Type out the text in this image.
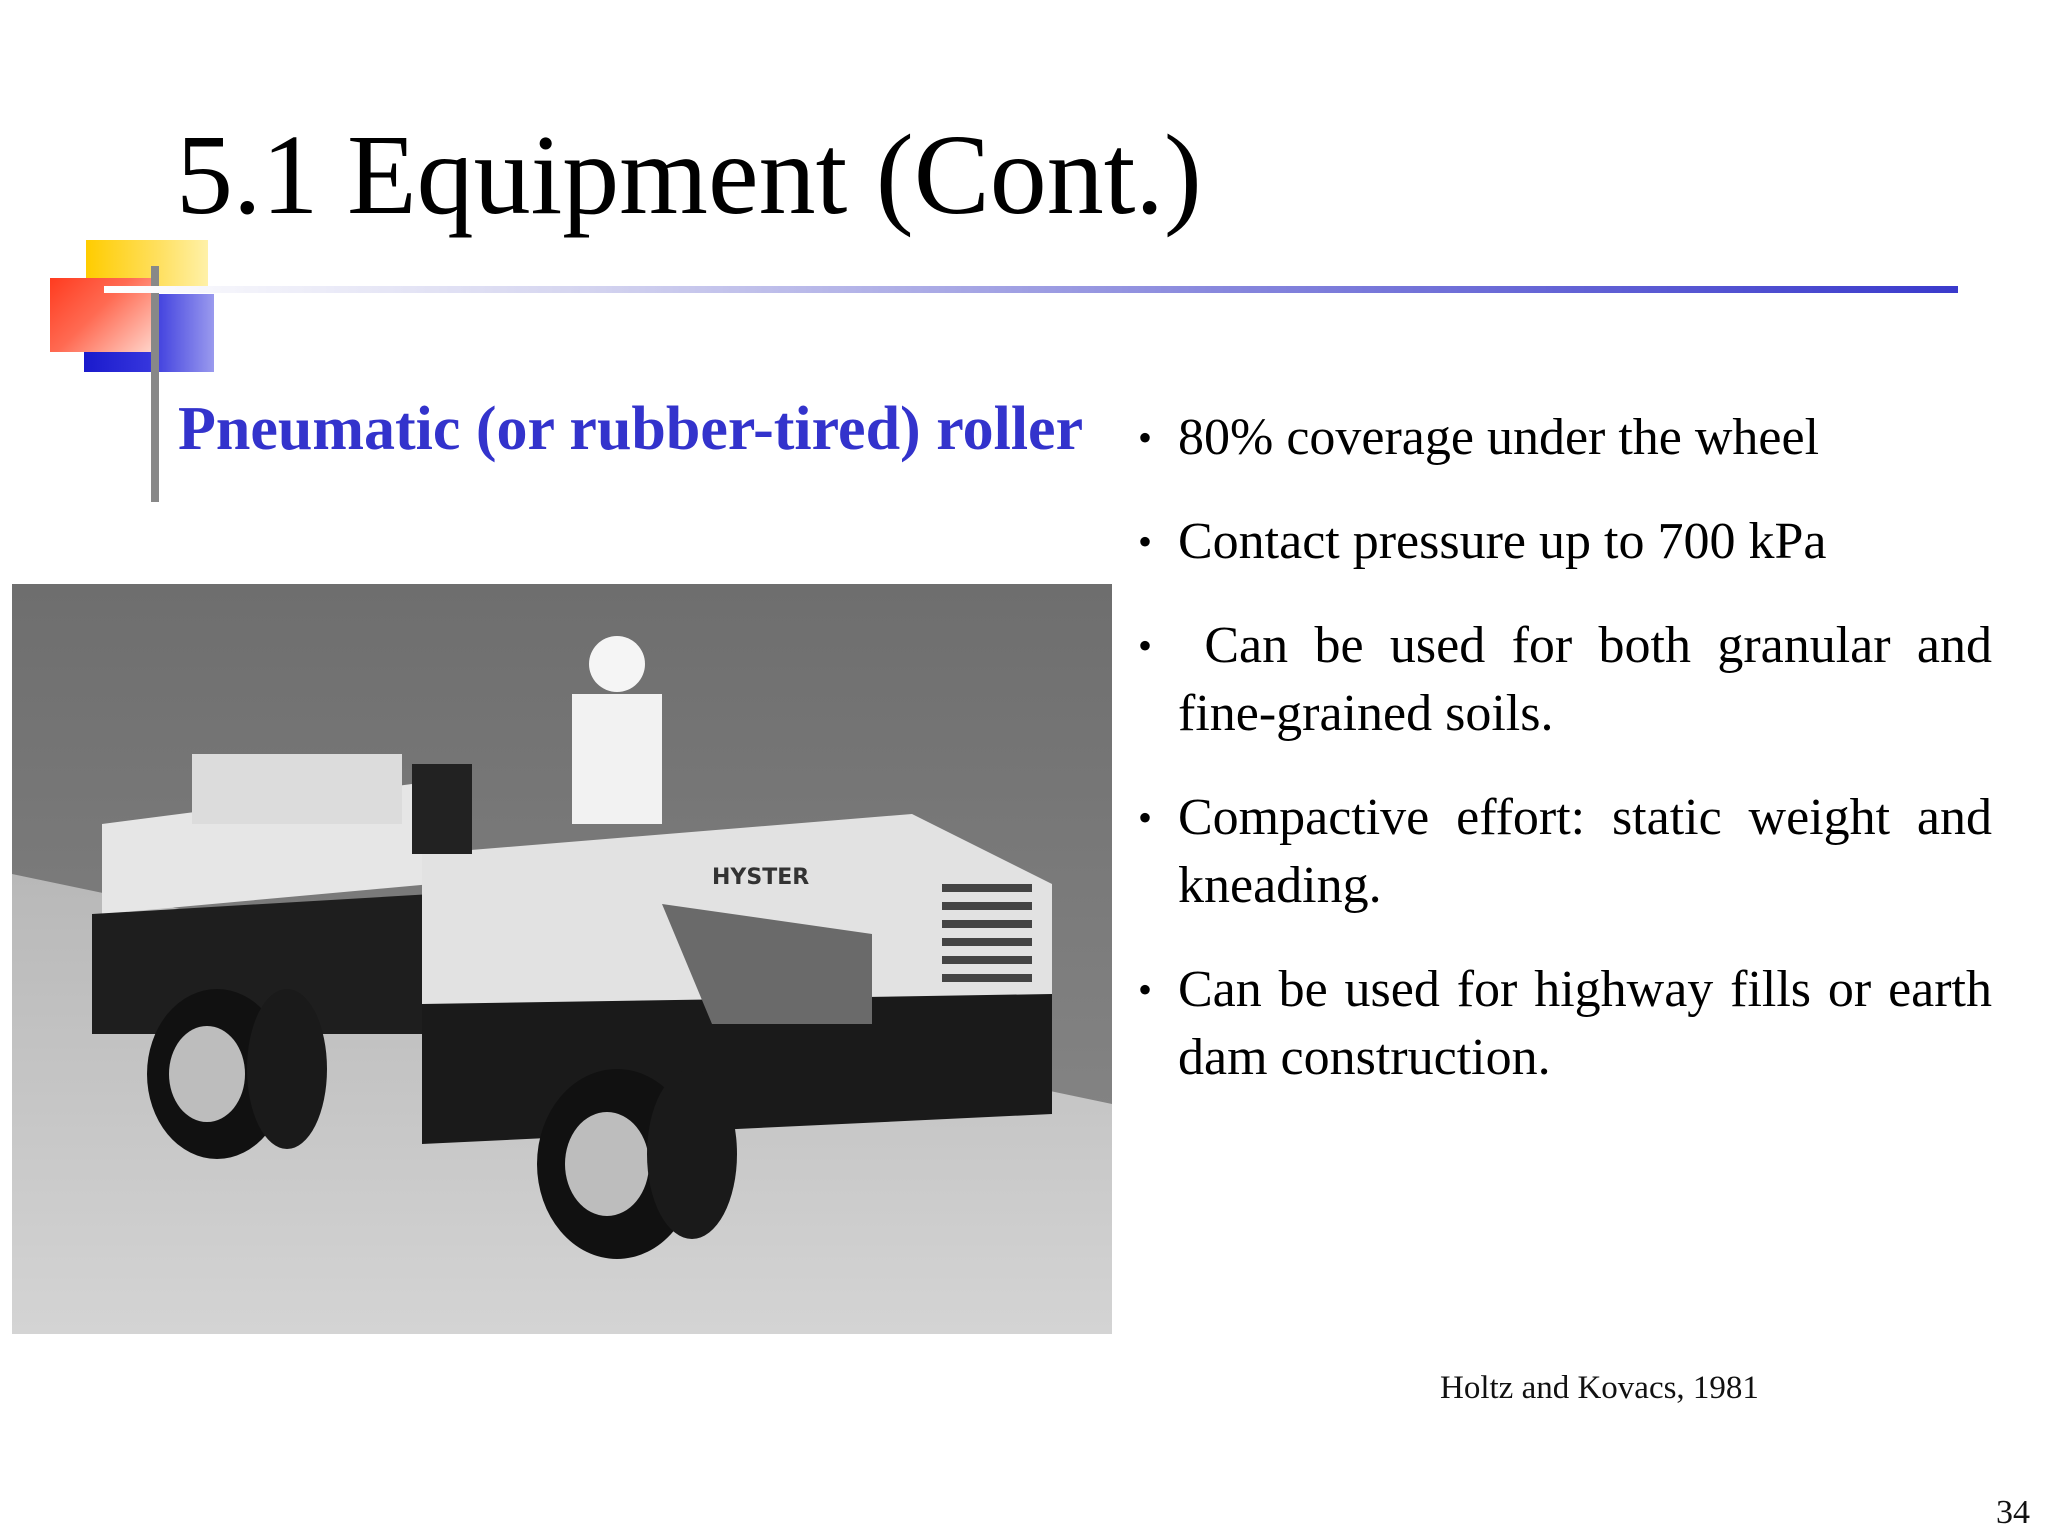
5.1 Equipment (Cont.)
Pneumatic (or rubber-tired) roller
HYSTER
• 80% coverage under the wheel
• Contact pressure up to 700 kPa
• Can be used for both granular and fine-grained soils.
• Compactive effort: static weight and kneading.
• Can be used for highway fills or earth dam construction.
Holtz and Kovacs, 1981
34
